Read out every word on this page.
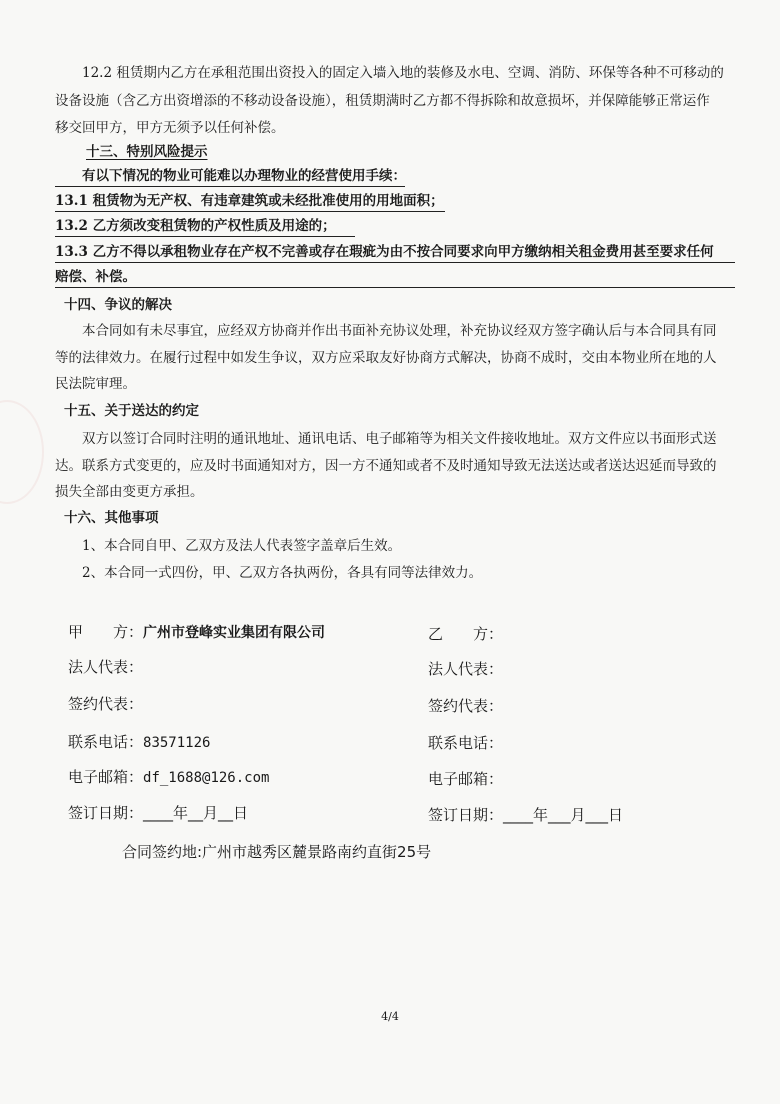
12.2 租赁期内乙方在承租范围出资投入的固定入墙入地的装修及水电、空调、消防、环保等各种不可移动的
设备设施（含乙方出资增添的不移动设备设施），租赁期满时乙方都不得拆除和故意损坏，并保障能够正常运作
移交回甲方，甲方无须予以任何补偿。
十三、特别风险提示
有以下情况的物业可能难以办理物业的经营使用手续：
13.1 租赁物为无产权、有违章建筑或未经批准使用的用地面积；
13.2 乙方须改变租赁物的产权性质及用途的；
13.3 乙方不得以承租物业存在产权不完善或存在瑕疵为由不按合同要求向甲方缴纳相关租金费用甚至要求任何
赔偿、补偿。
十四、争议的解决
本合同如有未尽事宜，应经双方协商并作出书面补充协议处理，补充协议经双方签字确认后与本合同具有同
等的法律效力。在履行过程中如发生争议，双方应采取友好协商方式解决，协商不成时，交由本物业所在地的人
民法院审理。
十五、关于送达的约定
双方以签订合同时注明的通讯地址、通讯电话、电子邮箱等为相关文件接收地址。双方文件应以书面形式送
达。联系方式变更的，应及时书面通知对方，因一方不通知或者不及时通知导致无法送达或者送达迟延而导致的
损失全部由变更方承担。
十六、其他事项
1、本合同自甲、乙双方及法人代表签字盖章后生效。
2、本合同一式四份，甲、乙双方各执两份，各具有同等法律效力。
甲　　方：广州市登峰实业集团有限公司
法人代表：
签约代表：
联系电话：83571126
电子邮箱：df_1688@126.com
签订日期：____年__月__日
乙　　方：
法人代表：
签约代表：
联系电话：
电子邮箱：
签订日期：____年___月___日
合同签约地:广州市越秀区麓景路南约直街25号
4/4
